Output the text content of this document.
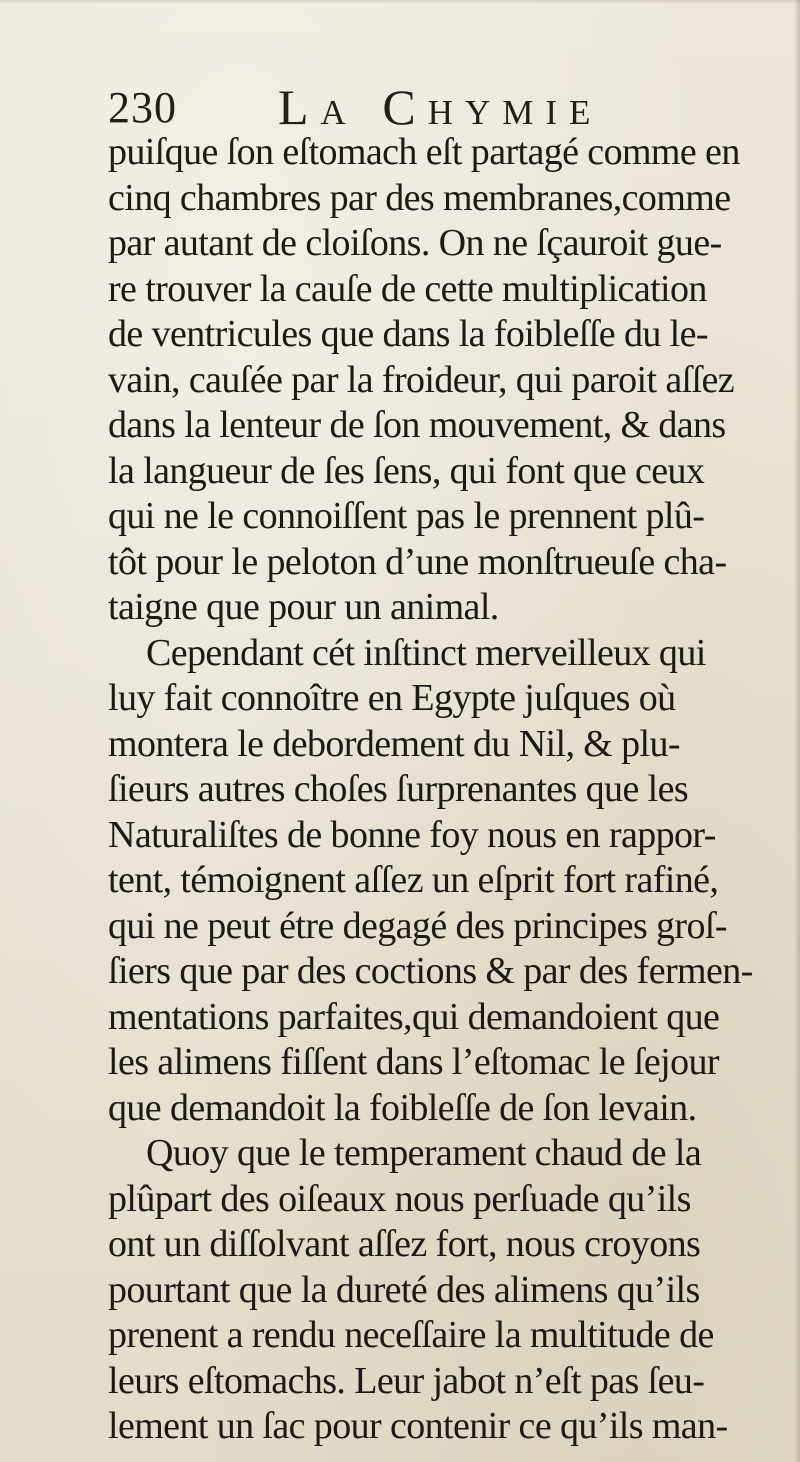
230 La Chymie
puiſque ſon eſtomach eſt partagé comme en
cinq chambres par des membranes,comme
par autant de cloiſons. On ne ſçauroit gue-
re trouver la cauſe de cette multiplication
de ventricules que dans la foibleſſe du le-
vain, cauſée par la froideur, qui paroit aſſez
dans la lenteur de ſon mouvement, & dans
la langueur de ſes ſens, qui font que ceux
qui ne le connoiſſent pas le prennent plû-
tôt pour le peloton d’une monſtrueuſe cha-
taigne que pour un animal.
Cependant cét inſtinct merveilleux qui
luy fait connoître en Egypte juſques où
montera le debordement du Nil, & plu-
ſieurs autres choſes ſurprenantes que les
Naturaliſtes de bonne foy nous en rappor-
tent, témoignent aſſez un eſprit fort rafiné,
qui ne peut étre degagé des principes groſ-
ſiers que par des coctions & par des fermen-
mentations parfaites,qui demandoient que
les alimens fiſſent dans l’eſtomac le ſejour
que demandoit la foibleſſe de ſon levain.
Quoy que le temperament chaud de la
plûpart des oiſeaux nous perſuade qu’ils
ont un diſſolvant aſſez fort, nous croyons
pourtant que la dureté des alimens qu’ils
prenent a rendu neceſſaire la multitude de
leurs eſtomachs. Leur jabot n’eſt pas ſeu-
lement un ſac pour contenir ce qu’ils man-
